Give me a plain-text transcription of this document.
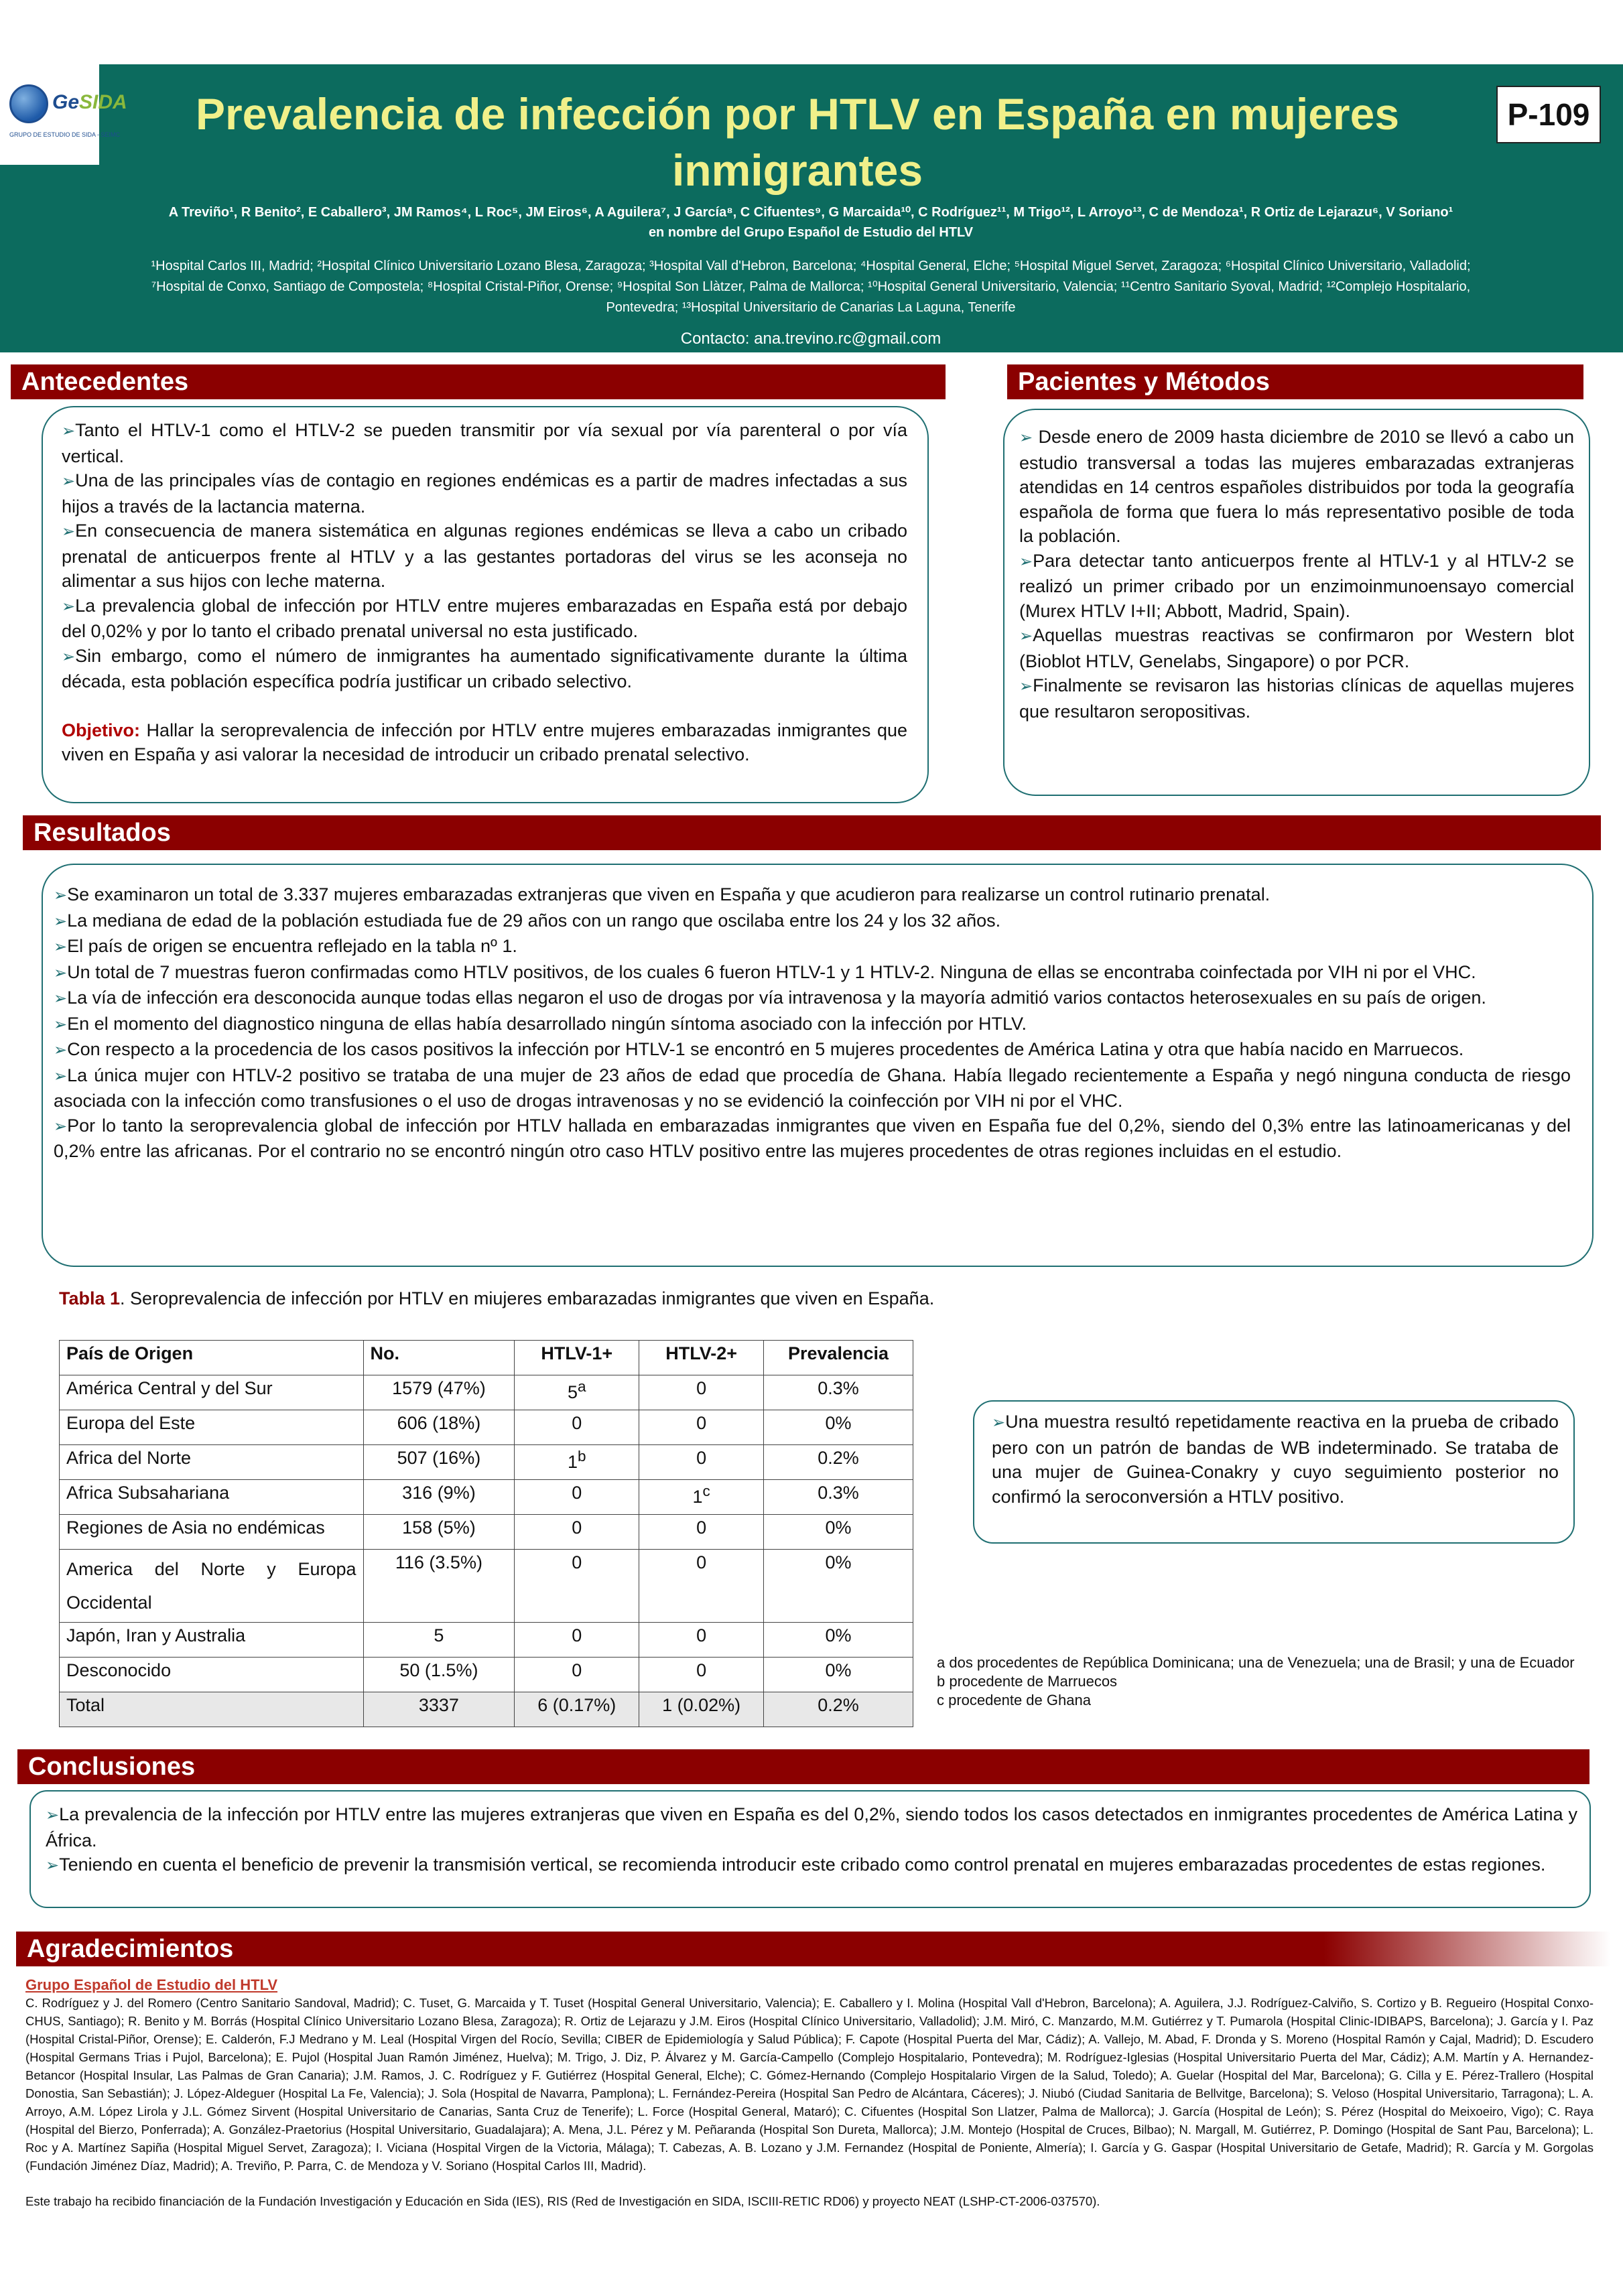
GeSIDA
GRUPO DE ESTUDIO DE SIDA - SEIMC	Prevalencia de infección por HTLV en España en mujeres
inmigrantes
P-109
A Treviño¹, R Benito², E Caballero³, JM Ramos⁴, L Roc⁵, JM Eiros⁶, A Aguilera⁷, J García⁸, C Cifuentes⁹, G Marcaida¹⁰, C Rodríguez¹¹, M Trigo¹², L Arroyo¹³, C de Mendoza¹, R Ortiz de Lejarazu⁶, V Soriano¹
en nombre del Grupo Español de Estudio del HTLV
¹Hospital Carlos III, Madrid; ²Hospital Clínico Universitario Lozano Blesa, Zaragoza; ³Hospital Vall d'Hebron, Barcelona; ⁴Hospital General, Elche; ⁵Hospital Miguel Servet, Zaragoza; ⁶Hospital Clínico Universitario, Valladolid;
⁷Hospital de Conxo, Santiago de Compostela; ⁸Hospital Cristal-Piñor, Orense; ⁹Hospital Son Llàtzer, Palma de Mallorca; ¹⁰Hospital General Universitario, Valencia; ¹¹Centro Sanitario Syoval, Madrid; ¹²Complejo Hospitalario,
Pontevedra; ¹³Hospital Universitario de Canarias La Laguna, Tenerife
Contacto: ana.trevino.rc@gmail.com
Antecedentes

➢Tanto el HTLV-1 como el HTLV-2 se pueden transmitir por vía sexual por vía parenteral o por vía vertical.

➢Una de las principales vías de contagio en regiones endémicas es a partir de madres infectadas a sus hijos a través de la lactancia materna.

➢En consecuencia de manera sistemática en algunas regiones endémicas se lleva a cabo un cribado prenatal de anticuerpos frente al HTLV y a las gestantes portadoras del virus se les aconseja no alimentar a sus hijos con leche materna.

➢La prevalencia global de infección por HTLV entre mujeres embarazadas en España está por debajo del 0,02% y por lo tanto el cribado prenatal universal no esta justificado.

➢Sin embargo, como el número de inmigrantes ha aumentado significativamente durante la última década, esta población específica podría justificar un cribado selectivo.

Objetivo: Hallar la seroprevalencia de infección por HTLV entre mujeres embarazadas inmigrantes que viven en España y asi valorar la necesidad de introducir un cribado prenatal selectivo.

Pacientes y Métodos

➢ Desde enero de 2009 hasta diciembre de 2010 se llevó a cabo un estudio transversal a todas las mujeres embarazadas extranjeras atendidas en 14 centros españoles distribuidos por toda la geografía española de forma que fuera lo más representativo posible de toda la población.

➢Para detectar tanto anticuerpos frente al HTLV-1 y al HTLV-2 se realizó un primer cribado por un enzimoinmunoensayo comercial (Murex HTLV I+II; Abbott, Madrid, Spain).

➢Aquellas muestras reactivas se confirmaron por Western blot (Bioblot HTLV, Genelabs, Singapore) o por PCR.

➢Finalmente se revisaron las historias clínicas de aquellas mujeres que resultaron seropositivas.

Resultados

➢Se examinaron un total de 3.337 mujeres embarazadas extranjeras que viven en España y que acudieron para realizarse un control rutinario prenatal.

➢La mediana de edad de la población estudiada fue de 29 años con un rango que oscilaba entre los 24 y los 32 años.

➢El país de origen se encuentra reflejado en la tabla nº 1.

➢Un total de 7 muestras fueron confirmadas como HTLV positivos, de los cuales 6 fueron HTLV-1 y 1 HTLV-2. Ninguna de ellas se encontraba coinfectada por VIH ni por el VHC.

➢La vía de infección era desconocida aunque todas ellas negaron el uso de drogas por vía intravenosa y la mayoría admitió varios contactos heterosexuales en su país de origen.

➢En el momento del diagnostico ninguna de ellas había desarrollado ningún síntoma asociado con la infección por HTLV.

➢Con respecto a la procedencia de los casos positivos la infección por HTLV-1 se encontró en 5 mujeres procedentes de América Latina y otra que había nacido en Marruecos.

➢La única mujer con HTLV-2 positivo se trataba de una mujer de 23 años de edad que procedía de Ghana. Había llegado recientemente a España y negó ninguna conducta de riesgo asociada con la infección como transfusiones o el uso de drogas intravenosas y no se evidenció la coinfección por VIH ni por el VHC.

➢Por lo tanto la seroprevalencia global de infección por HTLV hallada en embarazadas inmigrantes que viven en España fue del 0,2%, siendo del 0,3% entre las latinoamericanas y del 0,2% entre las africanas. Por el contrario no se encontró ningún otro caso HTLV positivo entre las mujeres procedentes de otras regiones incluidas en el estudio.

Tabla 1. Seroprevalencia de infección por HTLV en miujeres embarazadas inmigrantes que viven en España.
País de Origen	No.	HTLV-1+	HTLV-2+	Prevalencia
América Central y del Sur	1579 (47%)	5$^a$	0	0.3%
Europa del Este	606 (18%)	0	0	0%
Africa del Norte	507 (16%)	1$^b$	0	0.2%
Africa Subsahariana	316 (9%)	0	1$^c$	0.3%
Regiones de Asia no endémicas	158 (5%)	0	0	0%
America del Norte y Europa Occidental	116 (3.5%)	0	0	0%
Japón, Iran y Australia	5	0	0	0%
Desconocido	50 (1.5%)	0	0	0%
Total	3337	6 (0.17%)	1 (0.02%)	0.2%

➢Una muestra resultó repetidamente reactiva en la prueba de cribado pero con un patrón de bandas de WB indeterminado. Se trataba de una mujer de Guinea-Conakry y cuyo seguimiento posterior no confirmó la seroconversión a HTLV positivo.

a dos procedentes de República Dominicana; una de Venezuela; una de Brasil; y una de Ecuador
b procedente de Marruecos
c procedente de Ghana
Conclusiones

➢La prevalencia de la infección por HTLV entre las mujeres extranjeras que viven en España es del 0,2%, siendo todos los casos detectados en inmigrantes procedentes de América Latina y África.

➢Teniendo en cuenta el beneficio de prevenir la transmisión vertical, se recomienda introducir este cribado como control prenatal en mujeres embarazadas procedentes de estas regiones.

Agradecimientos
Grupo Español de Estudio del HTLV
C. Rodríguez y J. del Romero (Centro Sanitario Sandoval, Madrid); C. Tuset, G. Marcaida y T. Tuset (Hospital General Universitario, Valencia); E. Caballero y I. Molina (Hospital Vall d'Hebron, Barcelona); A. Aguilera, J.J. Rodríguez-Calviño, S. Cortizo y B. Regueiro (Hospital Conxo-CHUS, Santiago); R. Benito y M. Borrás (Hospital Clínico Universitario Lozano Blesa, Zaragoza); R. Ortiz de Lejarazu y J.M. Eiros (Hospital Clínico Universitario, Valladolid); J.M. Miró, C. Manzardo, M.M. Gutiérrez y T. Pumarola (Hospital Clinic-IDIBAPS, Barcelona); J. García y I. Paz (Hospital Cristal-Piñor, Orense); E. Calderón, F.J Medrano y M. Leal (Hospital Virgen del Rocío, Sevilla; CIBER de Epidemiología y Salud Pública); F. Capote (Hospital Puerta del Mar, Cádiz); A. Vallejo, M. Abad, F. Dronda y S. Moreno (Hospital Ramón y Cajal, Madrid); D. Escudero (Hospital Germans Trias i Pujol, Barcelona); E. Pujol (Hospital Juan Ramón Jiménez, Huelva); M. Trigo, J. Diz, P. Álvarez y M. García-Campello (Complejo Hospitalario, Pontevedra); M. Rodríguez-Iglesias (Hospital Universitario Puerta del Mar, Cádiz); A.M. Martín y A. Hernandez-Betancor (Hospital Insular, Las Palmas de Gran Canaria); J.M. Ramos, J. C. Rodríguez y F. Gutiérrez (Hospital General, Elche); C. Gómez-Hernando (Complejo Hospitalario Virgen de la Salud, Toledo); A. Guelar (Hospital del Mar, Barcelona); G. Cilla y E. Pérez-Trallero (Hospital Donostia, San Sebastián); J. López-Aldeguer (Hospital La Fe, Valencia); J. Sola (Hospital de Navarra, Pamplona); L. Fernández-Pereira (Hospital San Pedro de Alcántara, Cáceres); J. Niubó (Ciudad Sanitaria de Bellvitge, Barcelona); S. Veloso (Hospital Universitario, Tarragona); L. A. Arroyo, A.M. López Lirola y J.L. Gómez Sirvent (Hospital Universitario de Canarias, Santa Cruz de Tenerife); L. Force (Hospital General, Mataró); C. Cifuentes (Hospital Son Llatzer, Palma de Mallorca); J. García (Hospital de León); S. Pérez (Hospital do Meixoeiro, Vigo); C. Raya (Hospital del Bierzo, Ponferrada); A. González-Praetorius (Hospital Universitario, Guadalajara); A. Mena, J.L. Pérez y M. Peñaranda (Hospital Son Dureta, Mallorca); J.M. Montejo (Hospital de Cruces, Bilbao); N. Margall, M. Gutiérrez, P. Domingo (Hospital de Sant Pau, Barcelona); L. Roc y A. Martínez Sapiña (Hospital Miguel Servet, Zaragoza); I. Viciana (Hospital Virgen de la Victoria, Málaga); T. Cabezas, A. B. Lozano y J.M. Fernandez (Hospital de Poniente, Almería); I. García y G. Gaspar (Hospital Universitario de Getafe, Madrid); R. García y M. Gorgolas (Fundación Jiménez Díaz, Madrid); A. Treviño, P. Parra, C. de Mendoza y V. Soriano (Hospital Carlos III, Madrid).
Este trabajo ha recibido financiación de la Fundación Investigación y Educación en Sida (IES), RIS (Red de Investigación en SIDA, ISCIII-RETIC RD06) y proyecto NEAT (LSHP-CT-2006-037570).
